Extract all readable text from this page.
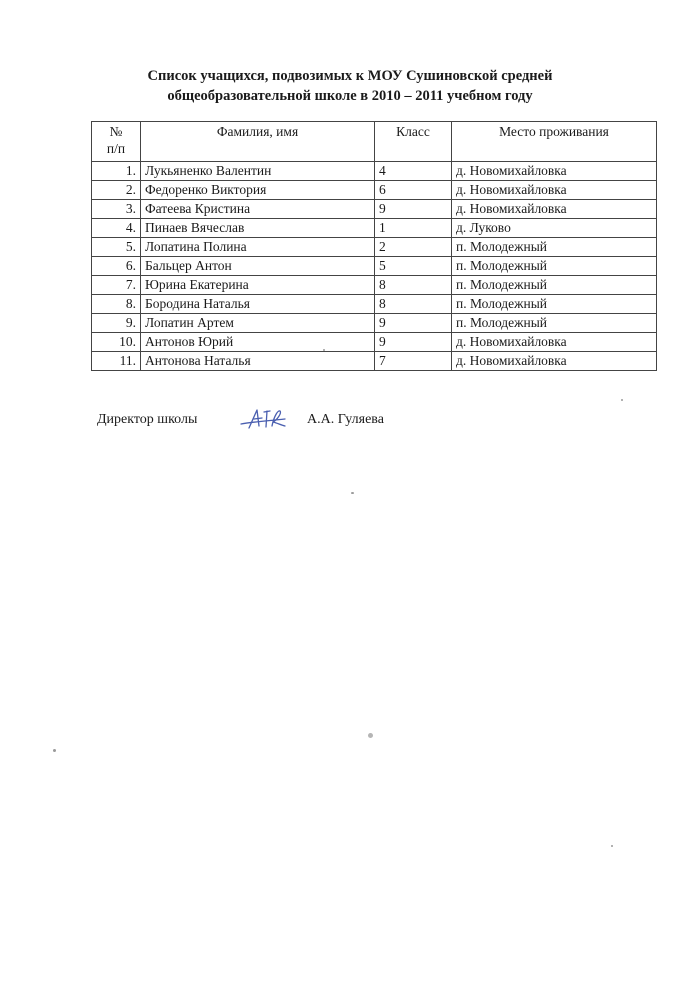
Список учащихся, подвозимых к МОУ Сушиновской средней
общеобразовательной школе в 2010 – 2011 учебном году
№
п/п	Фамилия, имя	Класс	Место проживания
1.	Лукьяненко Валентин	4	д. Новомихайловка
2.	Федоренко Виктория	6	д. Новомихайловка
3.	Фатеева Кристина	9	д. Новомихайловка
4.	Пинаев Вячеслав	1	д. Луково
5.	Лопатина Полина	2	п. Молодежный
6.	Бальцер Антон	5	п. Молодежный
7.	Юрина Екатерина	8	п. Молодежный
8.	Бородина Наталья	8	п. Молодежный
9.	Лопатин Артем	9	п. Молодежный
10.	Антонов Юрий	9	д. Новомихайловка
11.	Антонова Наталья	7	д. Новомихайловка
Директор школы	А.А. Гуляева
